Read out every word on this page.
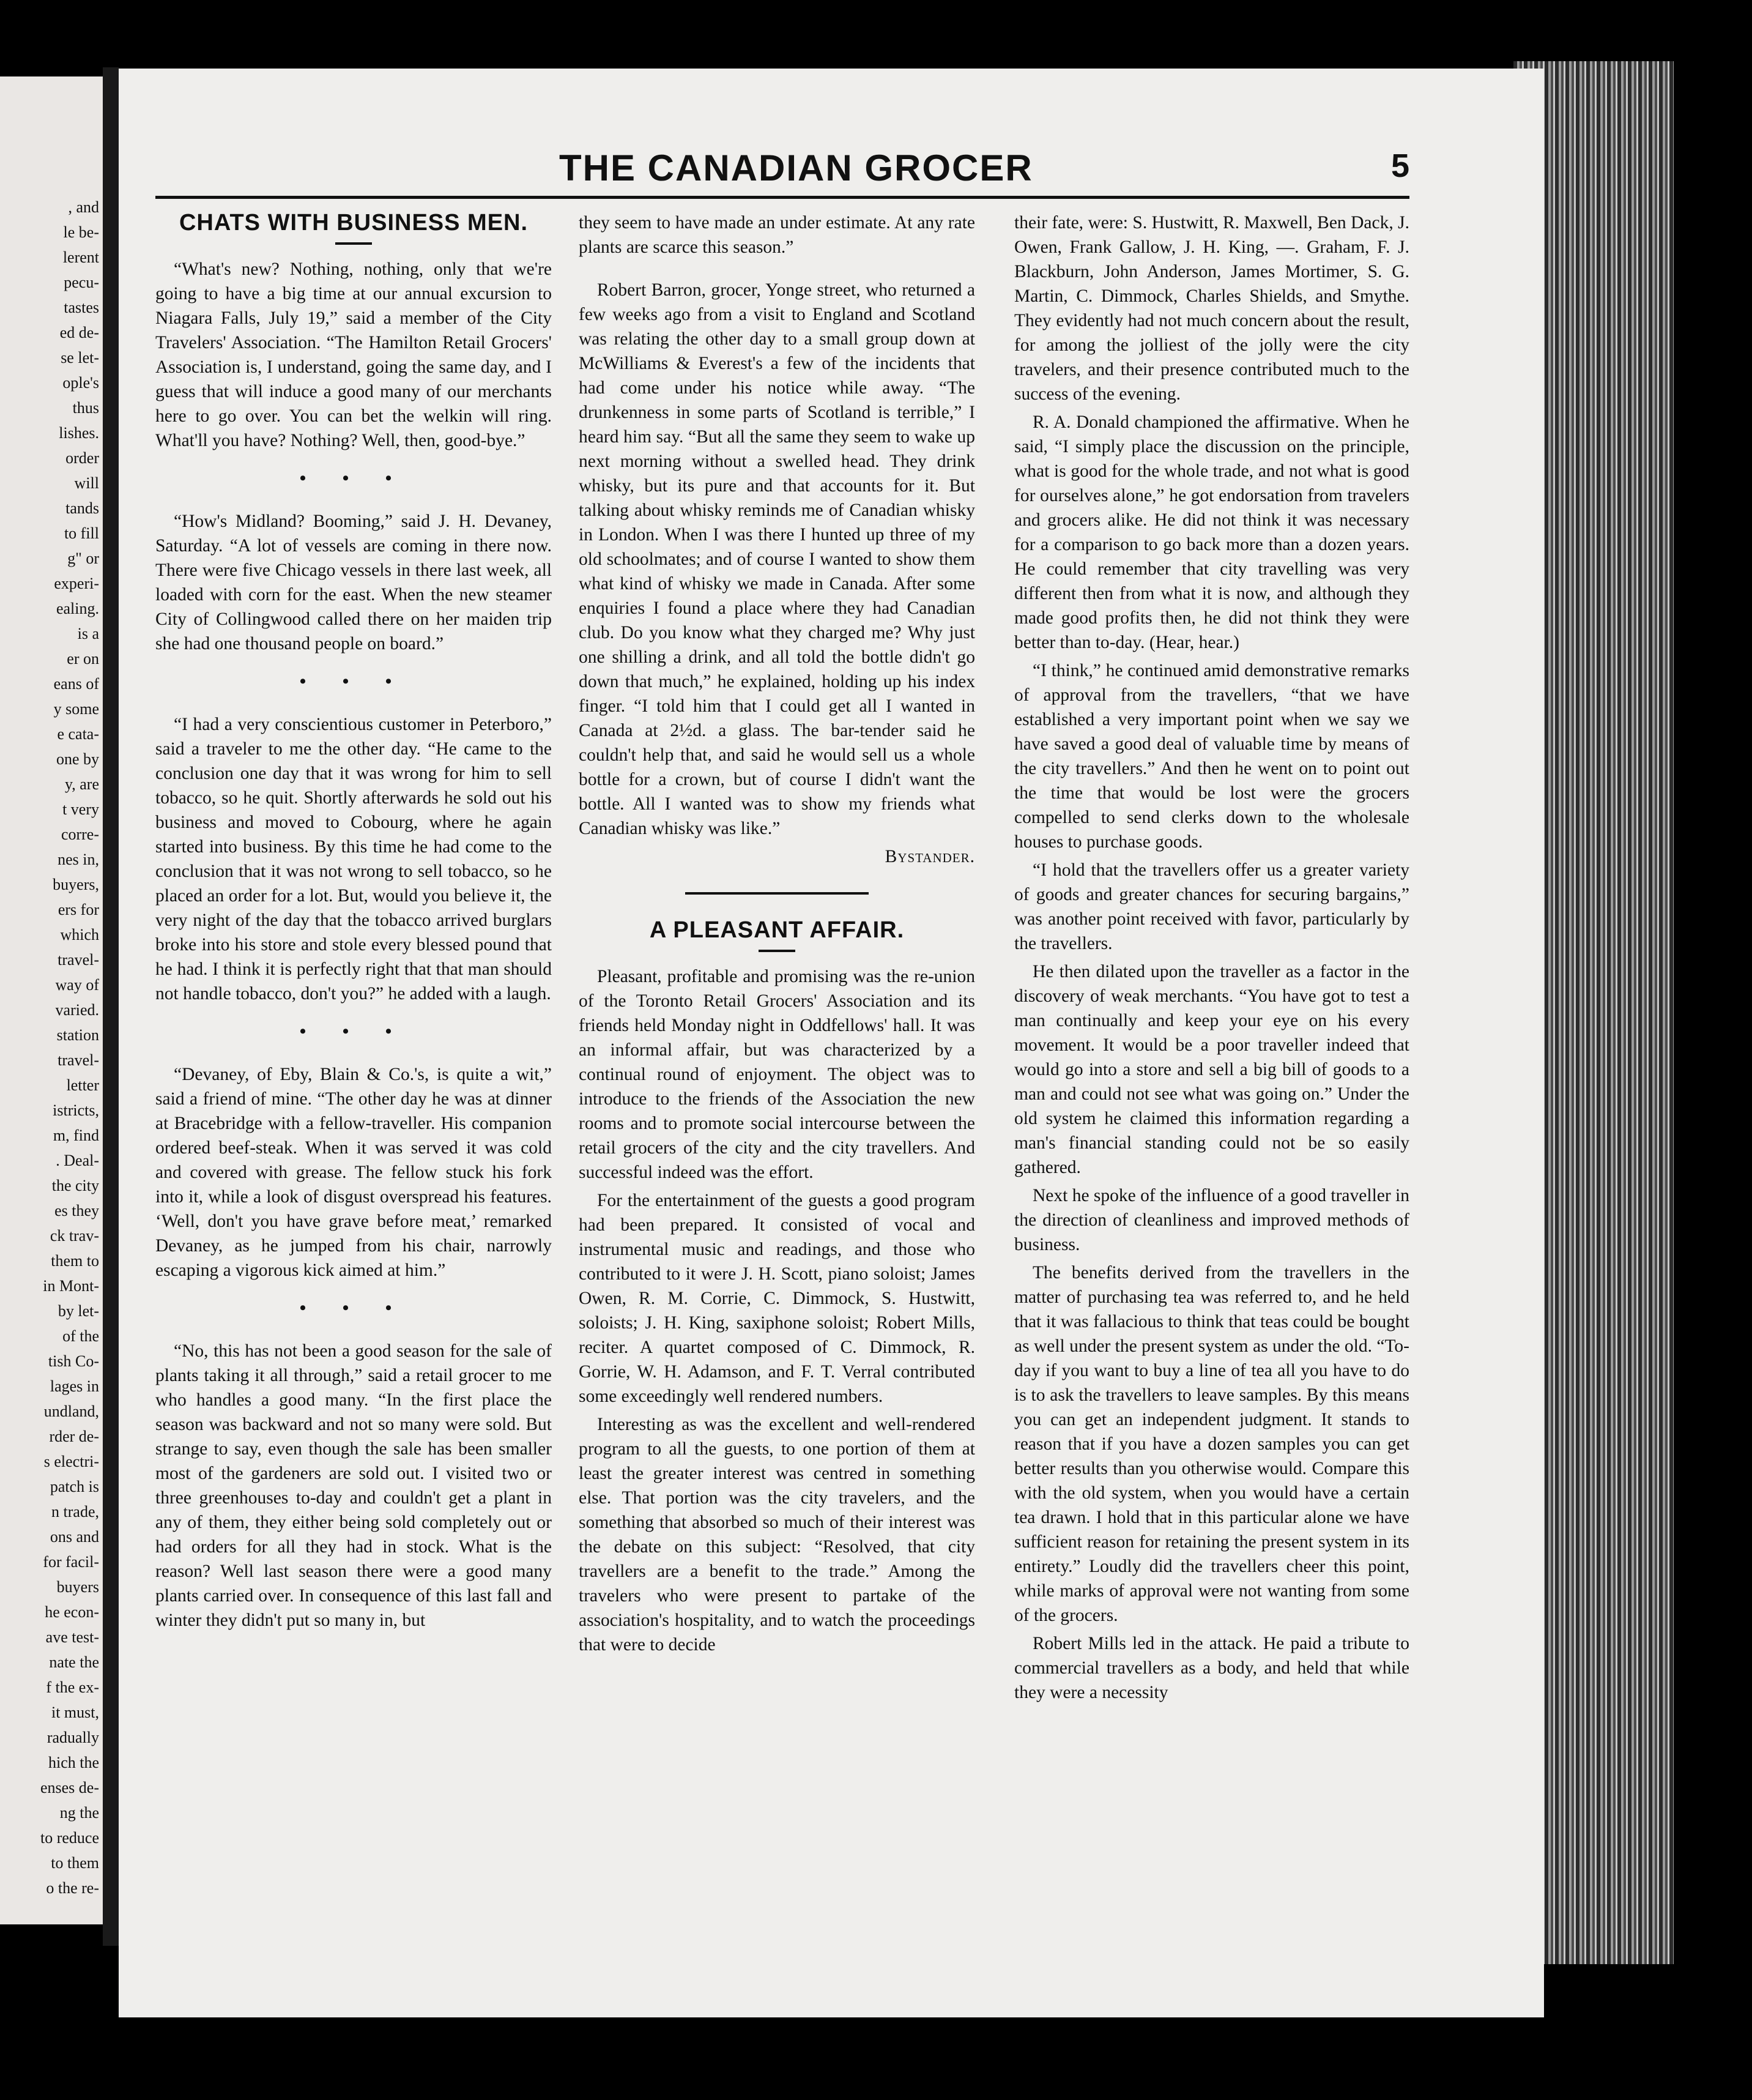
, and
le be-
lerent
pecu-
tastes
ed de-
se let-
ople's
thus
lishes.
order
will
tands
to fill
g" or
experi-
ealing.
is a
er on
eans of
y some
e cata-
one by
y, are
t very
corre-
nes in,
buyers,
ers for
which
travel-
way of
varied.
station
travel-
letter
istricts,
m, find
. Deal-
the city
es they
ck trav-
them to
in Mont-
by let-
of the
tish Co-
lages in
undland,
rder de-
s electri-
patch is
n trade,
ons and
for facil-
buyers
he econ-
ave test-
nate the
f the ex-
it must,
radually
hich the
enses de-
ng the
to reduce
to them
o the re-
THE CANADIAN GROCER	5
CHATS WITH BUSINESS MEN.

“What's new? Nothing, nothing, only that we're going to have a big time at our annual excursion to Niagara Falls, July 19,” said a member of the City Travelers' Association. “The Hamilton Retail Grocers' Association is, I understand, going the same day, and I guess that will induce a good many of our merchants here to go over. You can bet the welkin will ring. What'll you have? Nothing? Well, then, good-bye.”

• • •

“How's Midland? Booming,” said J. H. Devaney, Saturday. “A lot of vessels are coming in there now. There were five Chicago vessels in there last week, all loaded with corn for the east. When the new steamer City of Collingwood called there on her maiden trip she had one thousand people on board.”

• • •

“I had a very conscientious customer in Peterboro,” said a traveler to me the other day. “He came to the conclusion one day that it was wrong for him to sell tobacco, so he quit. Shortly afterwards he sold out his business and moved to Cobourg, where he again started into business. By this time he had come to the conclusion that it was not wrong to sell tobacco, so he placed an order for a lot. But, would you believe it, the very night of the day that the tobacco arrived burglars broke into his store and stole every blessed pound that he had. I think it is perfectly right that that man should not handle tobacco, don't you?” he added with a laugh.

• • •

“Devaney, of Eby, Blain & Co.'s, is quite a wit,” said a friend of mine. “The other day he was at dinner at Bracebridge with a fellow-traveller. His companion ordered beef-steak. When it was served it was cold and covered with grease. The fellow stuck his fork into it, while a look of disgust overspread his features. ‘Well, don't you have grave before meat,’ remarked Devaney, as he jumped from his chair, narrowly escaping a vigorous kick aimed at him.”

• • •

“No, this has not been a good season for the sale of plants taking it all through,” said a retail grocer to me who handles a good many. “In the first place the season was backward and not so many were sold. But strange to say, even though the sale has been smaller most of the gardeners are sold out. I visited two or three greenhouses to-day and couldn't get a plant in any of them, they either being sold completely out or had orders for all they had in stock. What is the reason? Well last season there were a good many plants carried over. In consequence of this last fall and winter they didn't put so many in, but

they seem to have made an under estimate. At any rate plants are scarce this season.”

Robert Barron, grocer, Yonge street, who returned a few weeks ago from a visit to England and Scotland was relating the other day to a small group down at McWilliams & Everest's a few of the incidents that had come under his notice while away. “The drunkenness in some parts of Scotland is terrible,” I heard him say. “But all the same they seem to wake up next morning without a swelled head. They drink whisky, but its pure and that accounts for it. But talking about whisky reminds me of Canadian whisky in London. When I was there I hunted up three of my old schoolmates; and of course I wanted to show them what kind of whisky we made in Canada. After some enquiries I found a place where they had Canadian club. Do you know what they charged me? Why just one shilling a drink, and all told the bottle didn't go down that much,” he explained, holding up his index finger. “I told him that I could get all I wanted in Canada at 2½d. a glass. The bar-tender said he couldn't help that, and said he would sell us a whole bottle for a crown, but of course I didn't want the bottle. All I wanted was to show my friends what Canadian whisky was like.”

Bystander.
A PLEASANT AFFAIR.

Pleasant, profitable and promising was the re-union of the Toronto Retail Grocers' Association and its friends held Monday night in Oddfellows' hall. It was an informal affair, but was characterized by a continual round of enjoyment. The object was to introduce to the friends of the Association the new rooms and to promote social intercourse between the retail grocers of the city and the city travellers. And successful indeed was the effort.

For the entertainment of the guests a good program had been prepared. It consisted of vocal and instrumental music and readings, and those who contributed to it were J. H. Scott, piano soloist; James Owen, R. M. Corrie, C. Dimmock, S. Hustwitt, soloists; J. H. King, saxiphone soloist; Robert Mills, reciter. A quartet composed of C. Dimmock, R. Gorrie, W. H. Adamson, and F. T. Verral contributed some exceedingly well rendered numbers.

Interesting as was the excellent and well-rendered program to all the guests, to one portion of them at least the greater interest was centred in something else. That portion was the city travelers, and the something that absorbed so much of their interest was the debate on this subject: “Resolved, that city travellers are a benefit to the trade.” Among the travelers who were present to partake of the association's hospitality, and to watch the proceedings that were to decide

their fate, were: S. Hustwitt, R. Maxwell, Ben Dack, J. Owen, Frank Gallow, J. H. King, —. Graham, F. J. Blackburn, John Anderson, James Mortimer, S. G. Martin, C. Dimmock, Charles Shields, and Smythe. They evidently had not much concern about the result, for among the jolliest of the jolly were the city travelers, and their presence contributed much to the success of the evening.

R. A. Donald championed the affirmative. When he said, “I simply place the discussion on the principle, what is good for the whole trade, and not what is good for ourselves alone,” he got endorsation from travelers and grocers alike. He did not think it was necessary for a comparison to go back more than a dozen years. He could remember that city travelling was very different then from what it is now, and although they made good profits then, he did not think they were better than to-day. (Hear, hear.)

“I think,” he continued amid demonstrative remarks of approval from the travellers, “that we have established a very important point when we say we have saved a good deal of valuable time by means of the city travellers.” And then he went on to point out the time that would be lost were the grocers compelled to send clerks down to the wholesale houses to purchase goods.

“I hold that the travellers offer us a greater variety of goods and greater chances for securing bargains,” was another point received with favor, particularly by the travellers.

He then dilated upon the traveller as a factor in the discovery of weak merchants. “You have got to test a man continually and keep your eye on his every movement. It would be a poor traveller indeed that would go into a store and sell a big bill of goods to a man and could not see what was going on.” Under the old system he claimed this information regarding a man's financial standing could not be so easily gathered.

Next he spoke of the influence of a good traveller in the direction of cleanliness and improved methods of business.

The benefits derived from the travellers in the matter of purchasing tea was referred to, and he held that it was fallacious to think that teas could be bought as well under the present system as under the old. “To-day if you want to buy a line of tea all you have to do is to ask the travellers to leave samples. By this means you can get an independent judgment. It stands to reason that if you have a dozen samples you can get better results than you otherwise would. Compare this with the old system, when you would have a certain tea drawn. I hold that in this particular alone we have sufficient reason for retaining the present system in its entirety.” Loudly did the travellers cheer this point, while marks of approval were not wanting from some of the grocers.

Robert Mills led in the attack. He paid a tribute to commercial travellers as a body, and held that while they were a necessity
